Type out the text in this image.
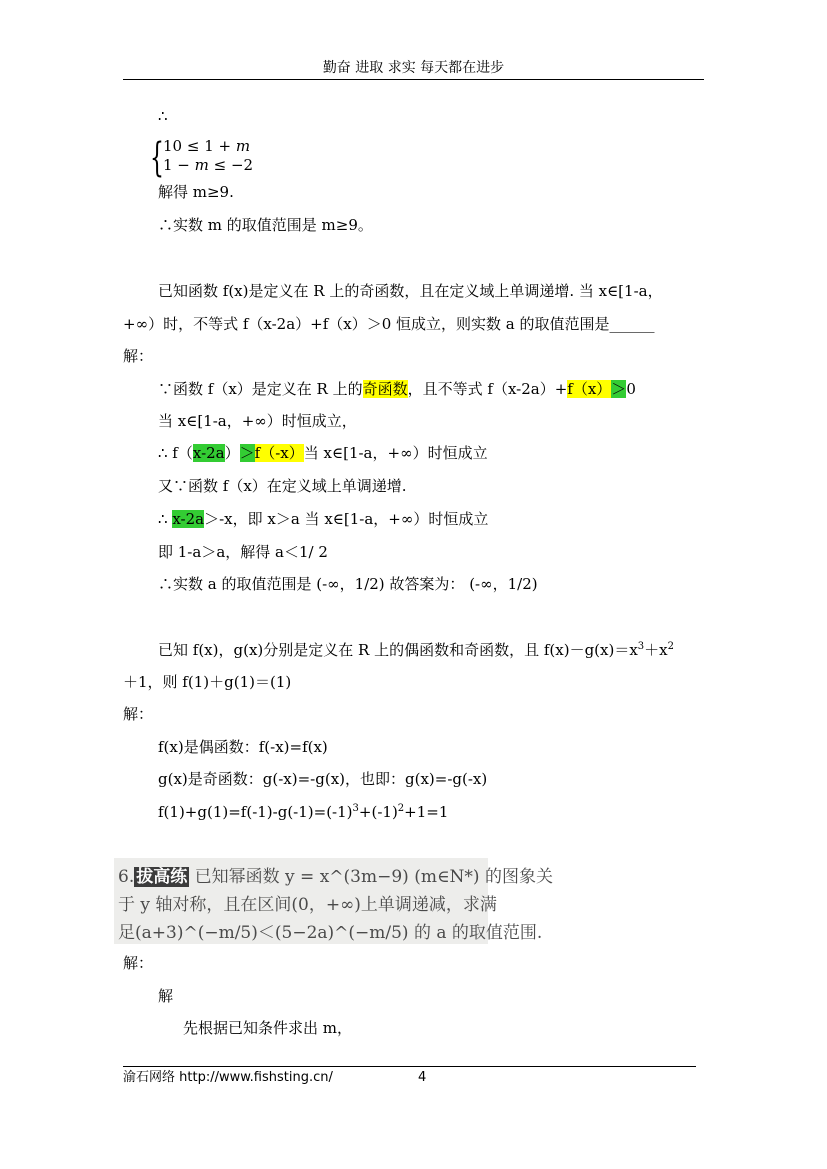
勤奋 进取 求实 每天都在进步
∴
{ 10 ≤ 1 + 𝑚
1 − 𝑚 ≤ −2
解得 m≥9.
∴实数 m 的取值范围是 m≥9。
已知函数 f(x)是定义在 R 上的奇函数，且在定义域上单调递增. 当 x∈[1-a，
+∞）时，不等式 f（x-2a）+f（x）＞0 恒成立，则实数 a 的取值范围是______
解：
∵函数 f（x）是定义在 R 上的奇函数，且不等式 f（x-2a）+f（x）＞0
当 x∈[1-a，+∞）时恒成立，
∴ f（x-2a）＞f（-x）当 x∈[1-a，+∞）时恒成立
又∵函数 f（x）在定义域上单调递增.
∴ x-2a＞-x，即 x＞a 当 x∈[1-a，+∞）时恒成立
即 1-a＞a，解得 a＜1/ 2
∴实数 a 的取值范围是 (-∞，1/2) 故答案为： (-∞，1/2)
已知 f(x)，g(x)分别是定义在 R 上的偶函数和奇函数，且 $f(x)-g(x)=x^3+x^2$
＋1，则 f(1)＋g(1)＝(1)
解：
f(x)是偶函数：f(-x)=f(x)
g(x)是奇函数：g(-x)=-g(x)，也即：g(x)=-g(-x)
$f(1)+g(1)=f(-1)-g(-1)=(-1)^3+(-1)^2+1=1$
6. 拔高练 已知幂函数 y = x^(3m−9) (m∈N*) 的图象关
于 y 轴对称，且在区间(0，+∞)上单调递减，求满
足(a+3)^(−m/5)＜(5−2a)^(−m/5) 的 a 的取值范围.
解：
解
先根据已知条件求出 m，
渝石网络 http://www.fishsting.cn/	4
